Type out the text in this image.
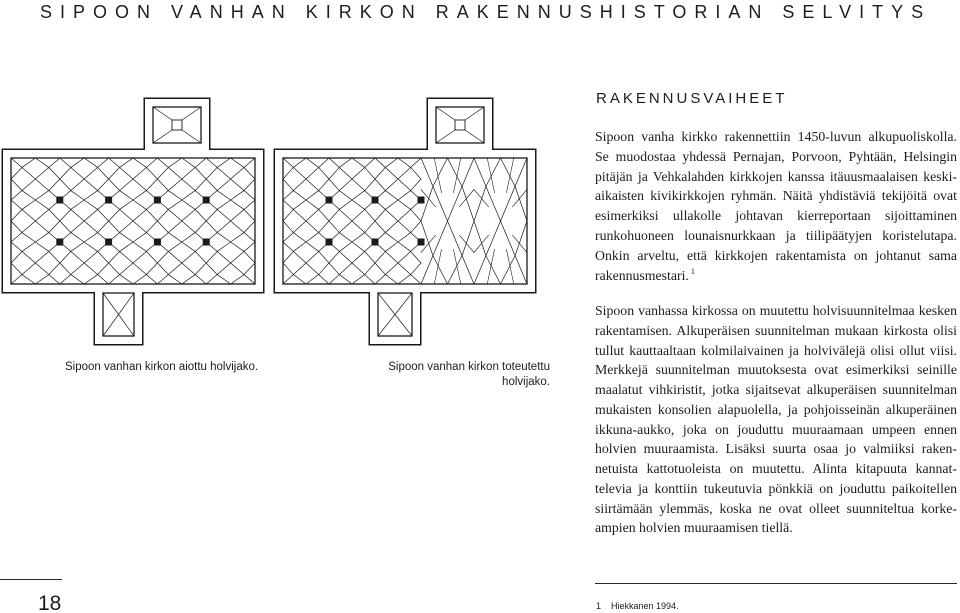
SIPOON VANHAN KIRKON RAKENNUSHISTORIAN SELVITYS
RAKENNUSVAIHEET
Sipoon vanha kirkko rakennettiin 1450-luvun alkupuoliskolla.
Se muodostaa yhdessä Pernajan, Porvoon, Pyhtään, Helsingin
pitäjän ja Vehkalahden kirkkojen kanssa itäuusmaalaisen keski-
aikaisten kivikirkkojen ryhmän. Näitä yhdistäviä tekijöitä ovat
esimerkiksi ullakolle johtavan kierreportaan sijoittaminen
runkohuoneen lounaisnurkkaan ja tiilipäätyjen koristelutapa.
Onkin arveltu, että kirkkojen rakentamista on johtanut sama
rakennusmestari. $^1$
Sipoon vanhassa kirkossa on muutettu holvisuunnitelmaa kesken
rakentamisen. Alkuperäisen suunnitelman mukaan kirkosta olisi
tullut kauttaaltaan kolmilaivainen ja holvivälejä olisi ollut viisi.
Merkkejä suunnitelman muutoksesta ovat esimerkiksi seinille
maalatut vihkiristit, jotka sijaitsevat alkuperäisen suunnitelman
mukaisten konsolien alapuolella, ja pohjoisseinän alkuperäinen
ikkuna-aukko, joka on jouduttu muuraamaan umpeen ennen
holvien muuraamista. Lisäksi suurta osaa jo valmiiksi raken-
netuista kattotuoleista on muutettu. Alinta kitapuuta kannat-
televia ja konttiin tukeutuvia pönkkiä on jouduttu paikoitellen
siirtämään ylemmäs, koska ne ovat olleet suunniteltua korke-
ampien holvien muuraamisen tiellä.
Sipoon vanhan kirkon aiottu holvijako.	Sipoon vanhan kirkon toteutettu
holvijako.
18	1 Hiekkanen 1994.
